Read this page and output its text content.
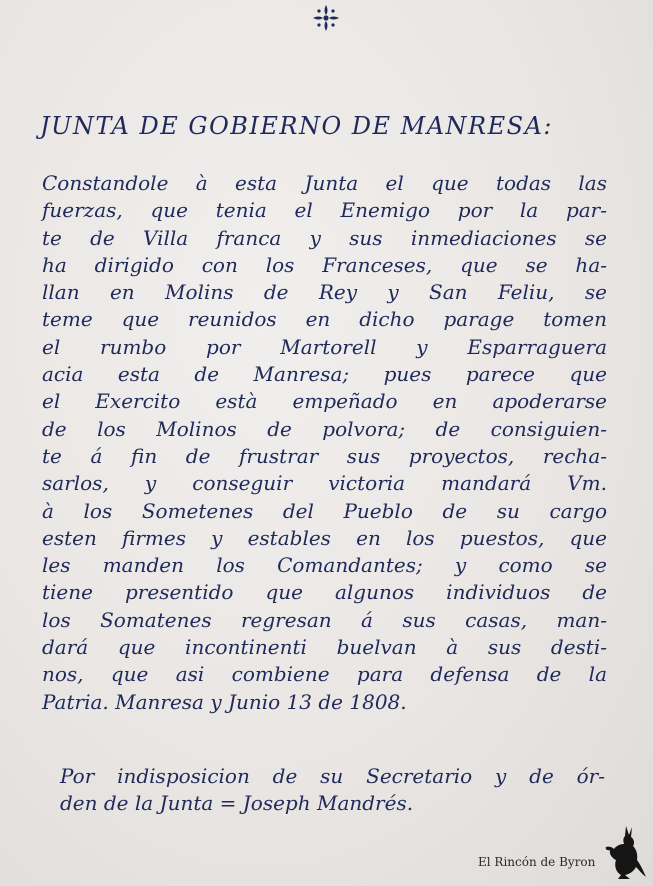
JUNTA DE GOBIERNO DE MANRESA:
Constandole à esta Junta el que todas las
fuerzas, que tenia el Enemigo por la par-
te de Villa franca y sus inmediaciones se
ha dirigido con los Franceses, que se ha-
llan en Molins de Rey y San Feliu, se
teme que reunidos en dicho parage tomen
el rumbo por Martorell y Esparraguera
acia esta de Manresa; pues parece que
el Exercito està empeñado en apoderarse
de los Molinos de polvora; de consiguien-
te á fin de frustrar sus proyectos, recha-
sarlos, y conseguir victoria mandará Vm.
à los Sometenes del Pueblo de su cargo
esten firmes y estables en los puestos, que
les manden los Comandantes; y como se
tiene presentido que algunos individuos de
los Somatenes regresan á sus casas, man-
dará que incontinenti buelvan à sus desti-
nos, que asi combiene para defensa de la
Patria. Manresa y Junio 13 de 1808.
Por indisposicion de su Secretario y de ór-
den de la Junta = Joseph Mandrés.
El Rincón de Byron
